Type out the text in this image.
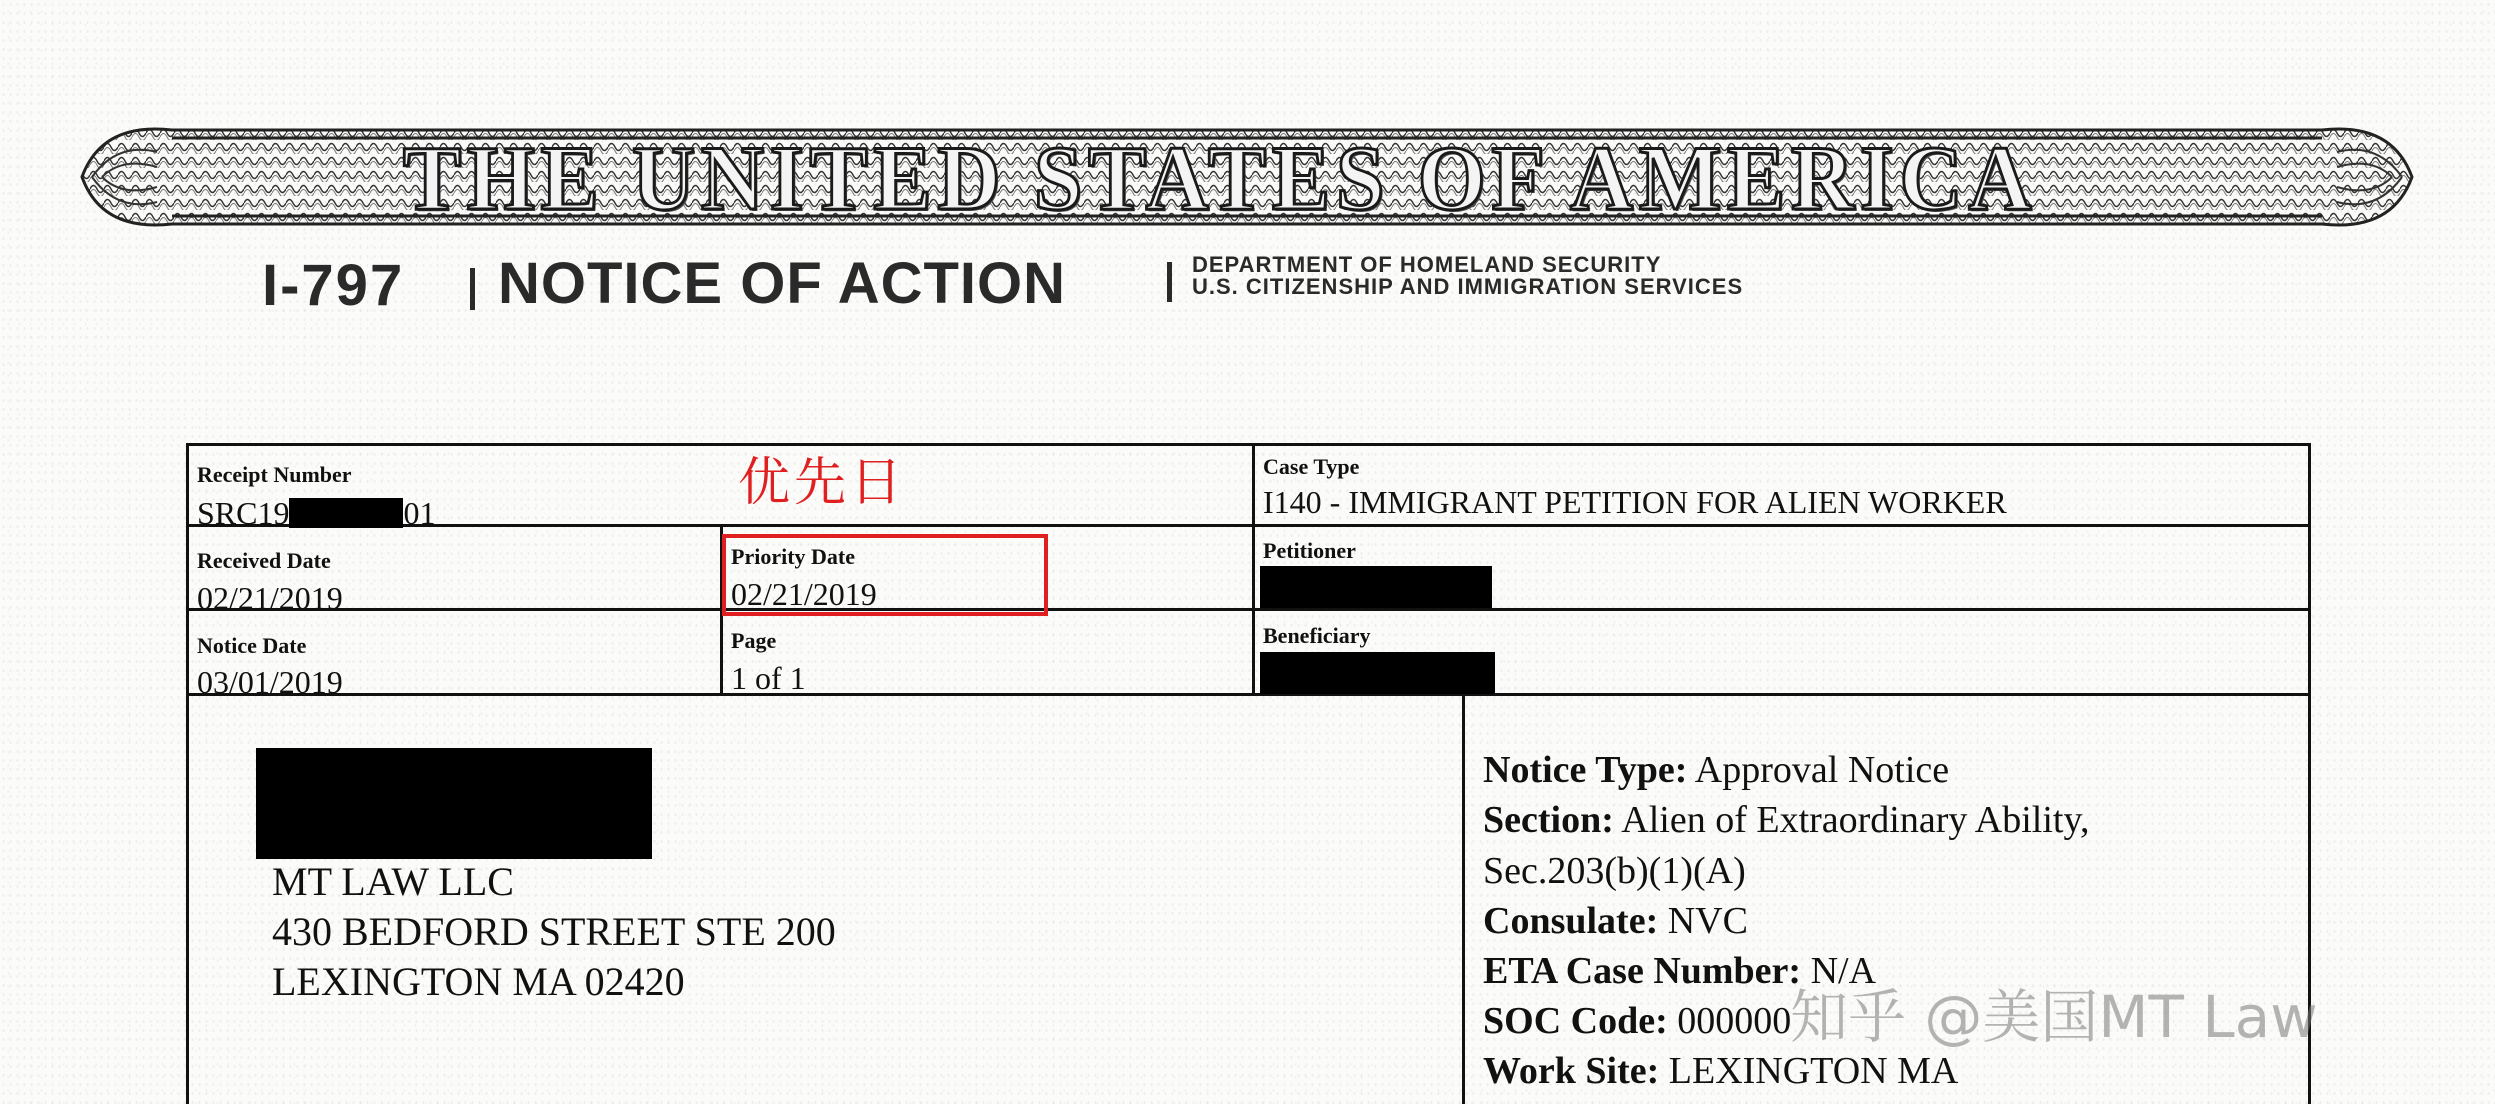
THE UNITED STATES OF AMERICA
I-797 NOTICE OF ACTION	DEPARTMENT OF HOMELAND SECURITY
U.S. CITIZENSHIP AND IMMIGRATION SERVICES
Receipt Number
SRC19	01
Case Type
I140 - IMMIGRANT PETITION FOR ALIEN WORKER
Received Date
02/21/2019
Priority Date
02/21/2019
Petitioner
Notice Date
03/01/2019
Page
1 of 1
Beneficiary
MT LAW LLC
430 BEDFORD STREET STE 200
LEXINGTON MA 02420
Notice Type: Approval Notice
Section: Alien of Extraordinary Ability,
Sec.203(b)(1)(A)
Consulate: NVC
ETA Case Number: N/A
SOC Code: 000000
Work Site: LEXINGTON MA
优先日
知乎 @美国MT Law
